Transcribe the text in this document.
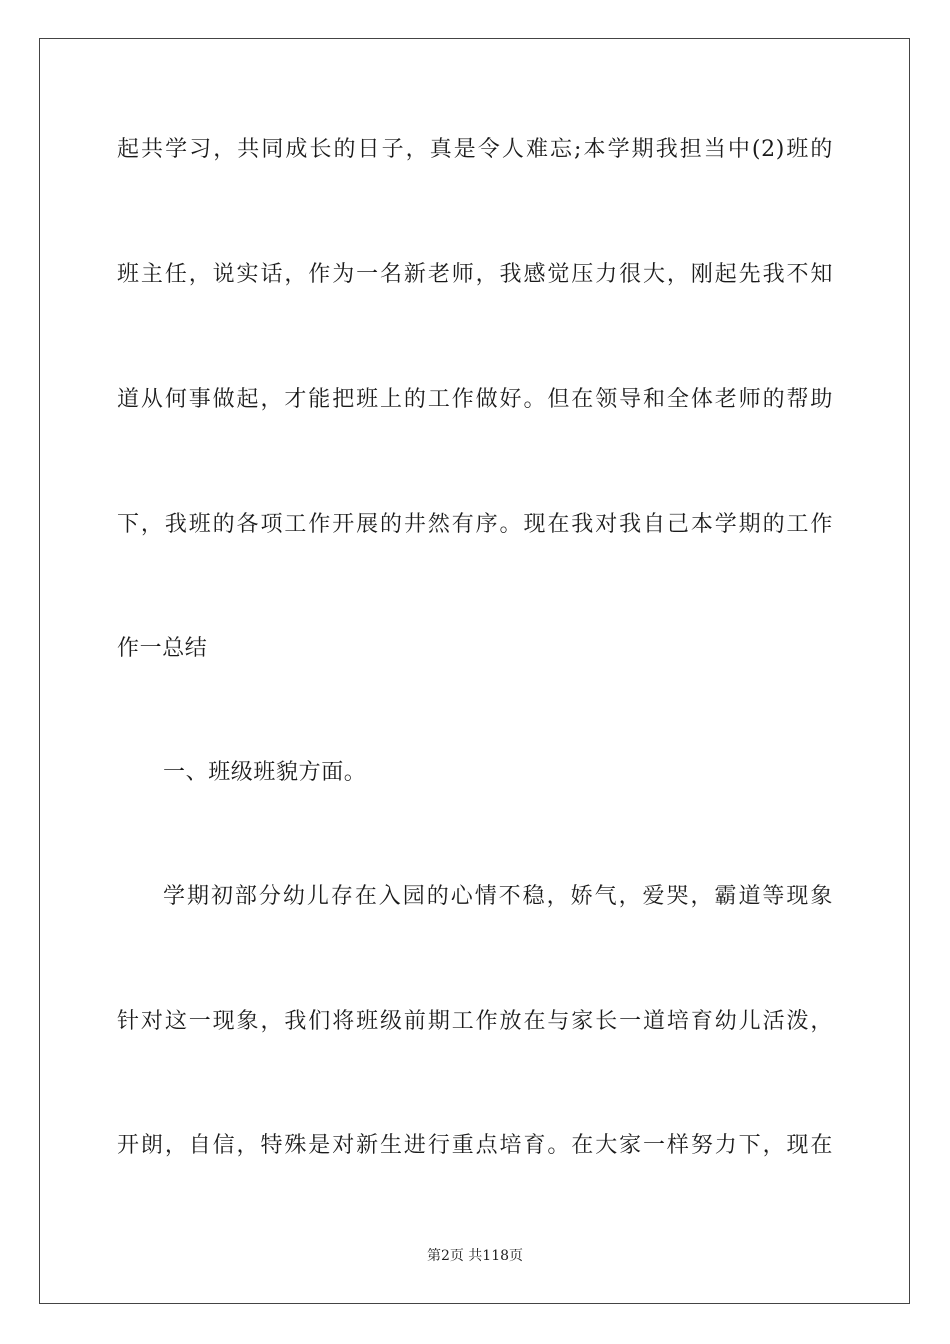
起共学习，共同成长的日子，真是令人难忘;本学期我担当中(2)班的
班主任，说实话，作为一名新老师，我感觉压力很大，刚起先我不知
道从何事做起，才能把班上的工作做好。但在领导和全体老师的帮助
下，我班的各项工作开展的井然有序。现在我对我自己本学期的工作
作一总结
一、班级班貌方面。
学期初部分幼儿存在入园的心情不稳，娇气，爱哭，霸道等现象
针对这一现象，我们将班级前期工作放在与家长一道培育幼儿活泼，
开朗，自信，特殊是对新生进行重点培育。在大家一样努力下，现在
第2页 共118页
